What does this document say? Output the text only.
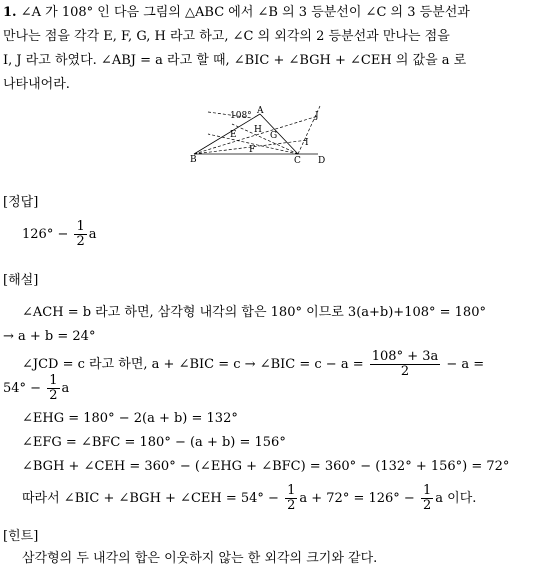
1. ∠A 가 108° 인 다음 그림의 △ABC 에서 ∠B 의 3 등분선이 ∠C 의 3 등분선과
만나는 점을 각각 E, F, G, H 라고 하고, ∠C 의 외각의 2 등분선과 만나는 점을
I, J 라고 하였다. ∠ABJ = a 라고 할 때, ∠BIC + ∠BGH + ∠CEH 의 값을 a 로
나타내어라.
108° A	J
E H
G
I
F
B	C D
[정답]
$126^\circ - \frac{1}{2}$ a
[해설]
∠ACH = b 라고 하면, 삼각형 내각의 합은 180° 이므로 3(a+b)+108° = 180°
→ a + b = 24°
∠JCD = c 라고 하면, a + ∠BIC = c → ∠BIC = $c - a = \frac{108^\circ + 3a}{2} - a$ =
$54^\circ - \frac{1}{2}$ a
∠EHG = 180° − 2(a + b) = 132°
∠EFG = ∠BFC = 180° − (a + b) = 156°
∠BGH + ∠CEH = 360° − (∠EHG + ∠BFC) = 360° − (132° + 156°) = 72°
따라서 ∠BIC + ∠BGH + ∠CEH = $54^\circ - \frac{1}{2}$ $a + 72^\circ = 126^\circ - \frac{1}{2}$ a 이다.
[힌트]
삼각형의 두 내각의 합은 이웃하지 않는 한 외각의 크기와 같다.
